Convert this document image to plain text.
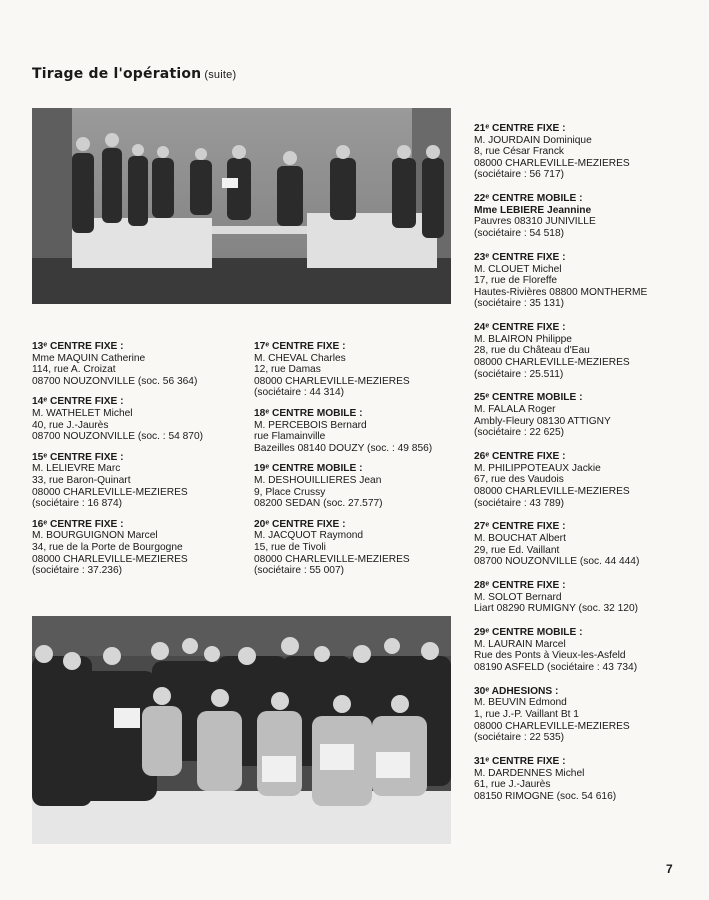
Tirage de l'opération (suite)
13ᵉ CENTRE FIXE :
Mme MAQUIN Catherine
114, rue A. Croizat
08700 NOUZONVILLE (soc. 56 364)
14ᵉ CENTRE FIXE :
M. WATHELET Michel
40, rue J.-Jaurès
08700 NOUZONVILLE (soc. : 54 870)
15ᵉ CENTRE FIXE :
M. LELIEVRE Marc
33, rue Baron-Quinart
08000 CHARLEVILLE-MEZIERES
(sociétaire : 16 874)
16ᵉ CENTRE FIXE :
M. BOURGUIGNON Marcel
34, rue de la Porte de Bourgogne
08000 CHARLEVILLE-MEZIERES
(sociétaire : 37.236)
17ᵉ CENTRE FIXE :
M. CHEVAL Charles
12, rue Damas
08000 CHARLEVILLE-MEZIERES
(sociétaire : 44 314)
18ᵉ CENTRE MOBILE :
M. PERCEBOIS Bernard
rue Flamainville
Bazeilles 08140 DOUZY (soc. : 49 856)
19ᵉ CENTRE MOBILE :
M. DESHOUILLIERES Jean
9, Place Crussy
08200 SEDAN (soc. 27.577)
20ᵉ CENTRE FIXE :
M. JACQUOT Raymond
15, rue de Tivoli
08000 CHARLEVILLE-MEZIERES
(sociétaire : 55 007)
21ᵉ CENTRE FIXE :
M. JOURDAIN Dominique
8, rue César Franck
08000 CHARLEVILLE-MEZIERES
(sociétaire : 56 717)
22ᵉ CENTRE MOBILE :
Mme LEBIERE Jeannine
Pauvres 08310 JUNIVILLE
(sociétaire : 54 518)
23ᵉ CENTRE FIXE :
M. CLOUET Michel
17, rue de Floreffe
Hautes-Rivières 08800 MONTHERME
(sociétaire : 35 131)
24ᵉ CENTRE FIXE :
M. BLAIRON Philippe
28, rue du Château d'Eau
08000 CHARLEVILLE-MEZIERES
(sociétaire : 25.511)
25ᵉ CENTRE MOBILE :
M. FALALA Roger
Ambly-Fleury 08130 ATTIGNY
(sociétaire : 22 625)
26ᵉ CENTRE FIXE :
M. PHILIPPOTEAUX Jackie
67, rue des Vaudois
08000 CHARLEVILLE-MEZIERES
(sociétaire : 43 789)
27ᵉ CENTRE FIXE :
M. BOUCHAT Albert
29, rue Ed. Vaillant
08700 NOUZONVILLE (soc. 44 444)
28ᵉ CENTRE FIXE :
M. SOLOT Bernard
Liart 08290 RUMIGNY (soc. 32 120)
29ᵉ CENTRE MOBILE :
M. LAURAIN Marcel
Rue des Ponts à Vieux-les-Asfeld
08190 ASFELD (sociétaire : 43 734)
30ᵉ ADHESIONS :
M. BEUVIN Edmond
1, rue J.-P. Vaillant Bt 1
08000 CHARLEVILLE-MEZIERES
(sociétaire : 22 535)
31ᵉ CENTRE FIXE :
M. DARDENNES Michel
61, rue J.-Jaurès
08150 RIMOGNE (soc. 54 616)
7
